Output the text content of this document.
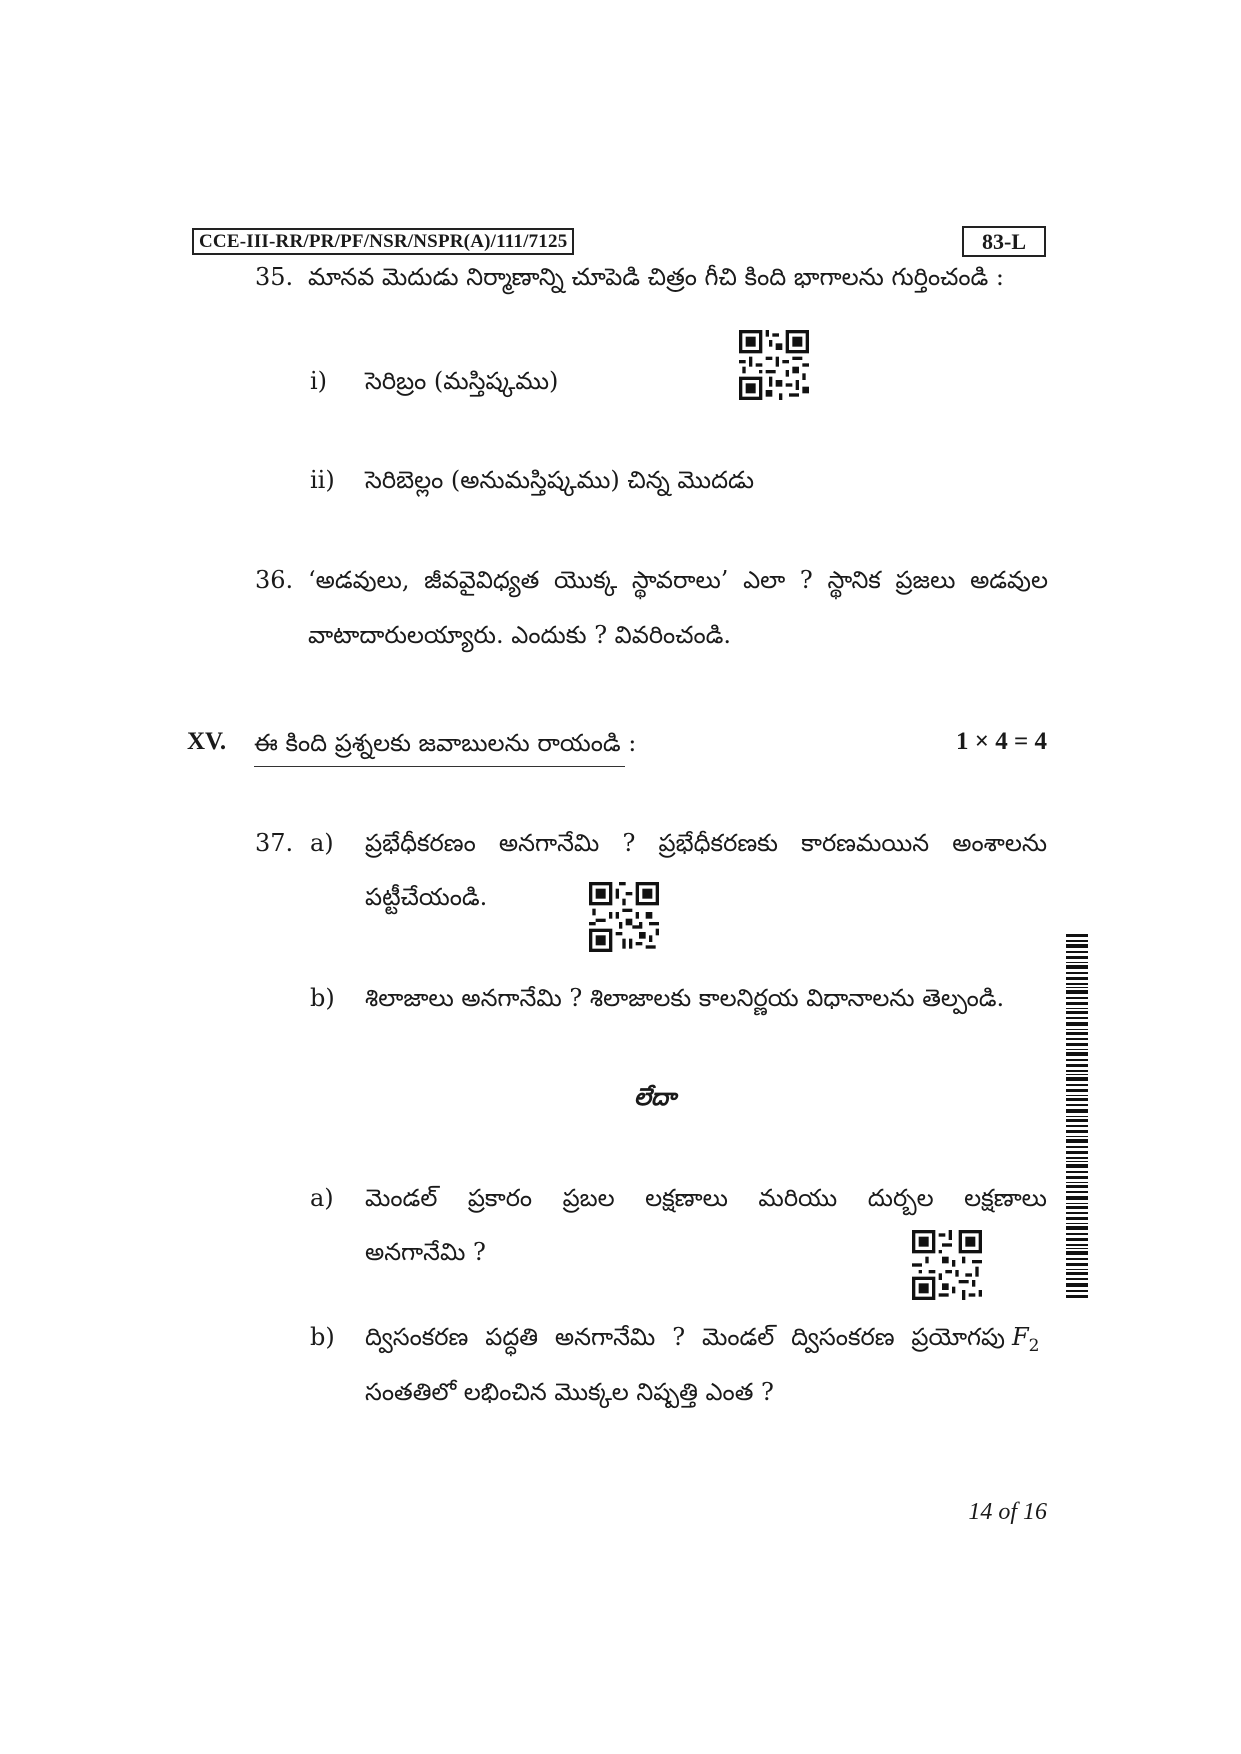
CCE-III-RR/PR/PF/NSR/NSPR(A)/111/7125	83-L
35. మానవ మెదుడు నిర్మాణాన్ని చూపెడి చిత్రం గీచి కింది భాగాలను గుర్తించండి :
i) సెరిబ్రం (మస్తిష్కము)
ii) సెరిబెల్లం (అనుమస్తిష్కము) చిన్న మొదడు
36. ‘అడవులు, జీవవైవిధ్యత యొక్క స్థావరాలు’ ఎలా ? స్థానిక ప్రజలు అడవుల
వాటాదారులయ్యారు. ఎందుకు ? వివరించండి.
XV. ఈ కింది ప్రశ్నలకు జవాబులను రాయండి :	1 × 4 = 4
37. a) ప్రభేధీకరణం అనగానేమి ? ప్రభేధీకరణకు కారణమయిన అంశాలను
పట్టీచేయండి.
b) శిలాజాలు అనగానేమి ? శిలాజాలకు కాలనిర్ణయ విధానాలను తెల్పండి.
లేదా
a) మెండల్ ప్రకారం ప్రబల లక్షణాలు మరియు దుర్బల లక్షణాలు
అనగానేమి ?
b) ద్విసంకరణ పద్ధతి అనగానేమి ? మెండల్ ద్విసంకరణ ప్రయోగపు $F_2$
సంతతిలో లభించిన మొక్కల నిష్పత్తి ఎంత ?
14 of 16
